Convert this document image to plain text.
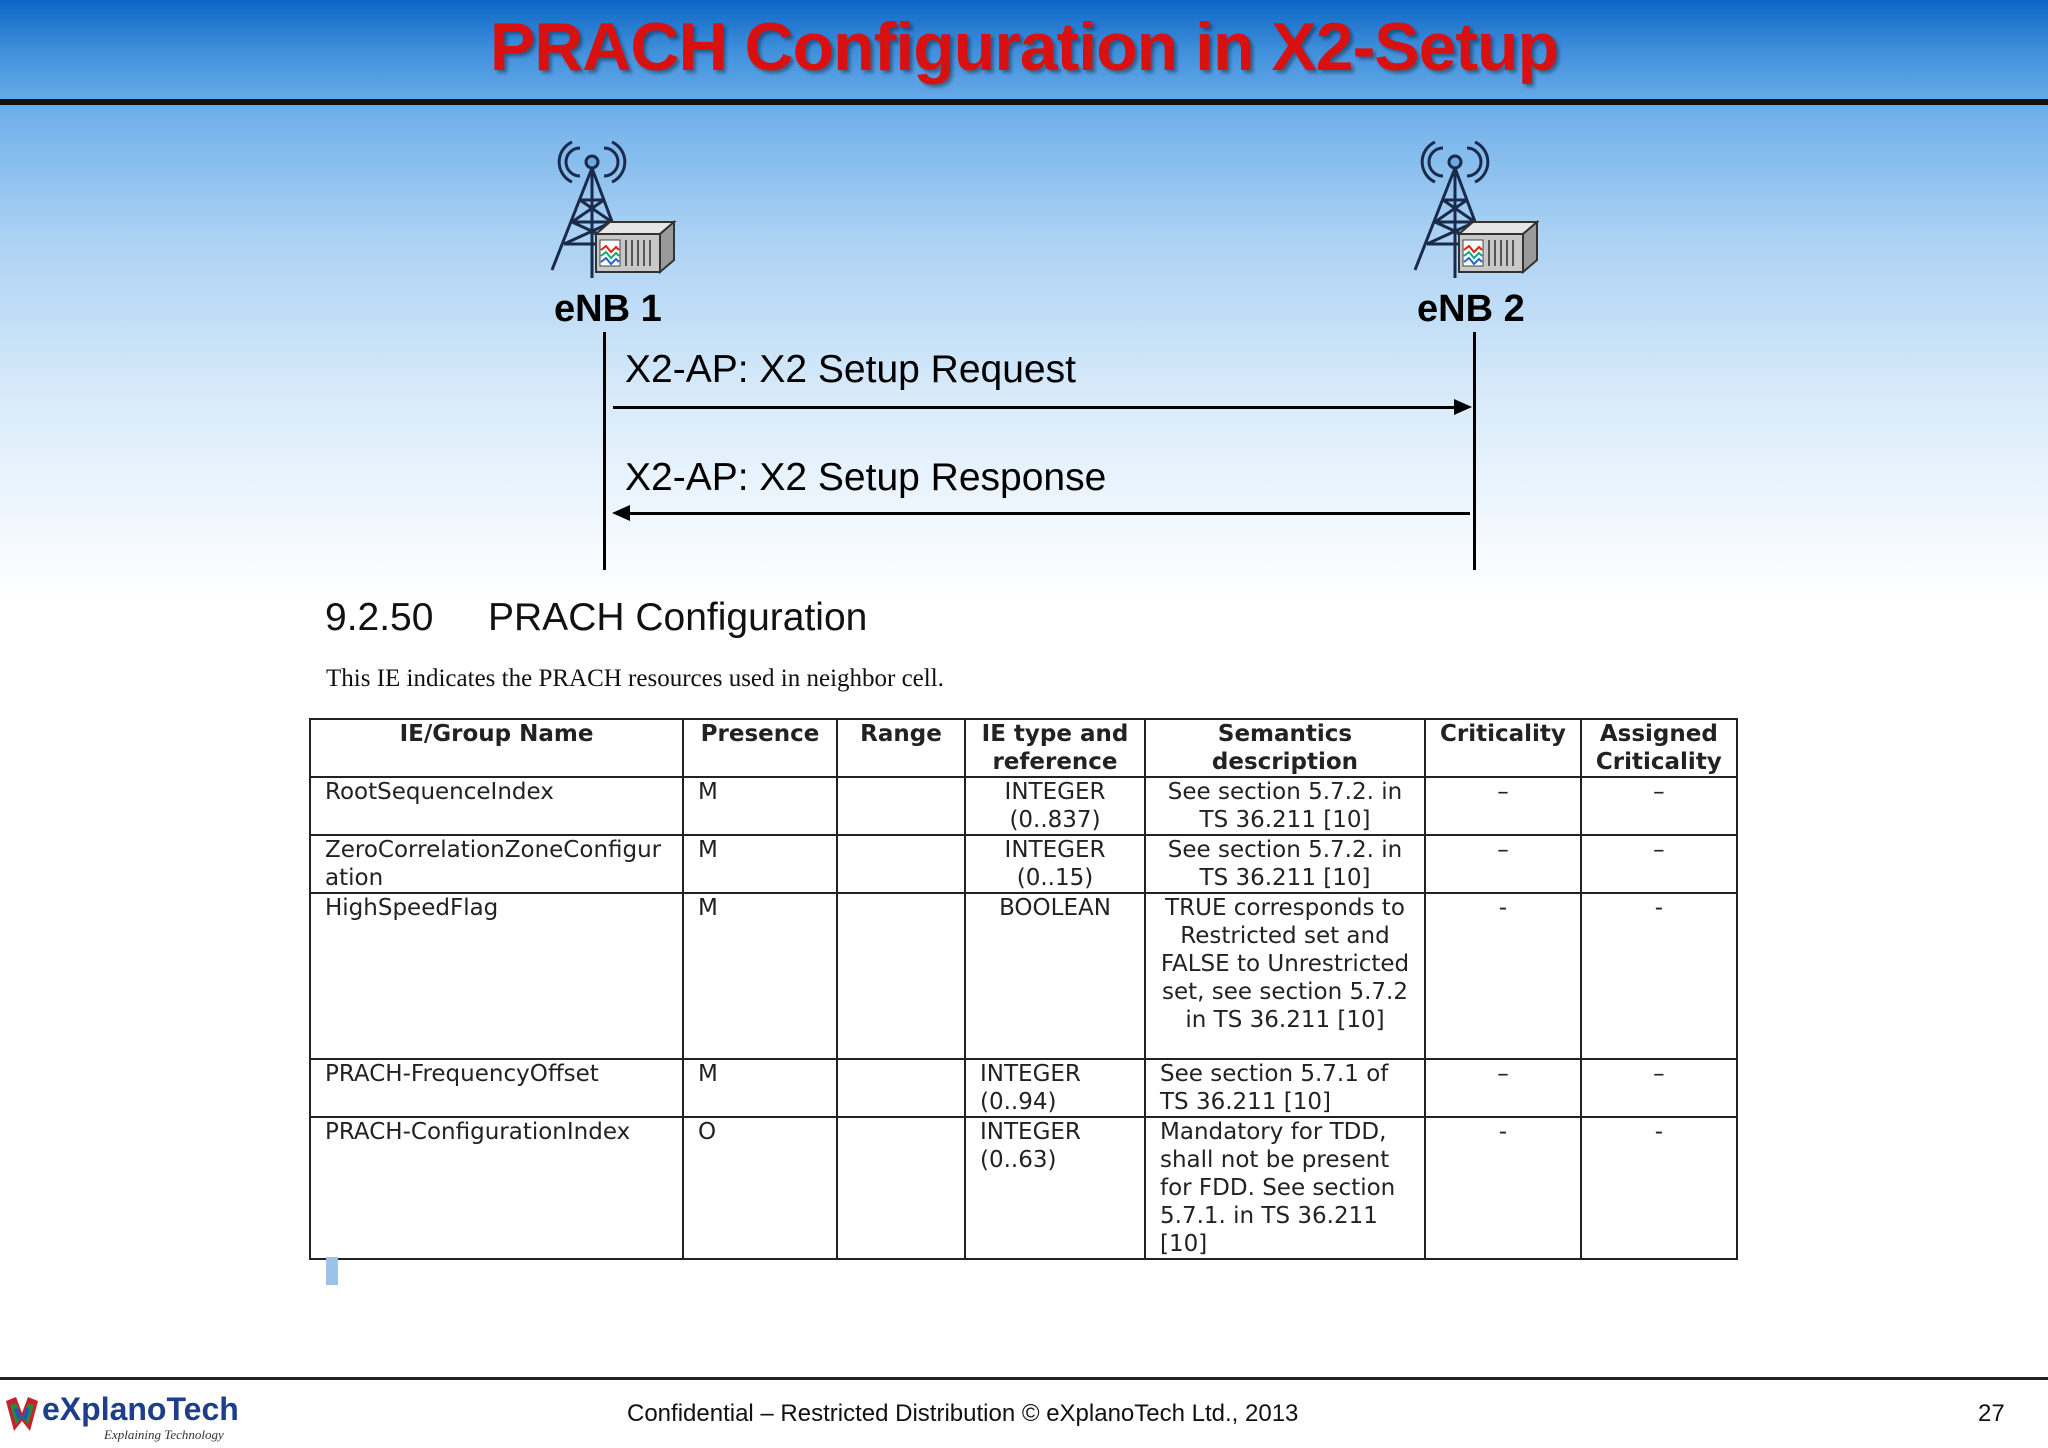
PRACH Configuration in X2-Setup
eNB 1	eNB 2
X2-AP: X2 Setup Request
X2-AP: X2 Setup Response
9.2.50 PRACH Configuration
This IE indicates the PRACH resources used in neighbor cell.
IE/Group Name	Presence	Range	IE type and reference	Semantics description	Criticality	Assigned Criticality
RootSequenceIndex	M		INTEGER (0..837)	See section 5.7.2. in TS 36.211 [10]	–	–
ZeroCorrelationZoneConfiguration	M		INTEGER (0..15)	See section 5.7.2. in TS 36.211 [10]	–	–
HighSpeedFlag	M		BOOLEAN	TRUE corresponds to Restricted set and FALSE to Unrestricted set, see section 5.7.2 in TS 36.211 [10]	-	-
PRACH-FrequencyOffset	M		INTEGER (0..94)	See section 5.7.1 of TS 36.211 [10]	–	–
PRACH-ConfigurationIndex	O		INTEGER (0..63)	Mandatory for TDD, shall not be present for FDD. See section 5.7.1. in TS 36.211 [10]	-	-
eXplanoTech
Explaining Technology
Confidential – Restricted Distribution © eXplanoTech Ltd., 2013	27
